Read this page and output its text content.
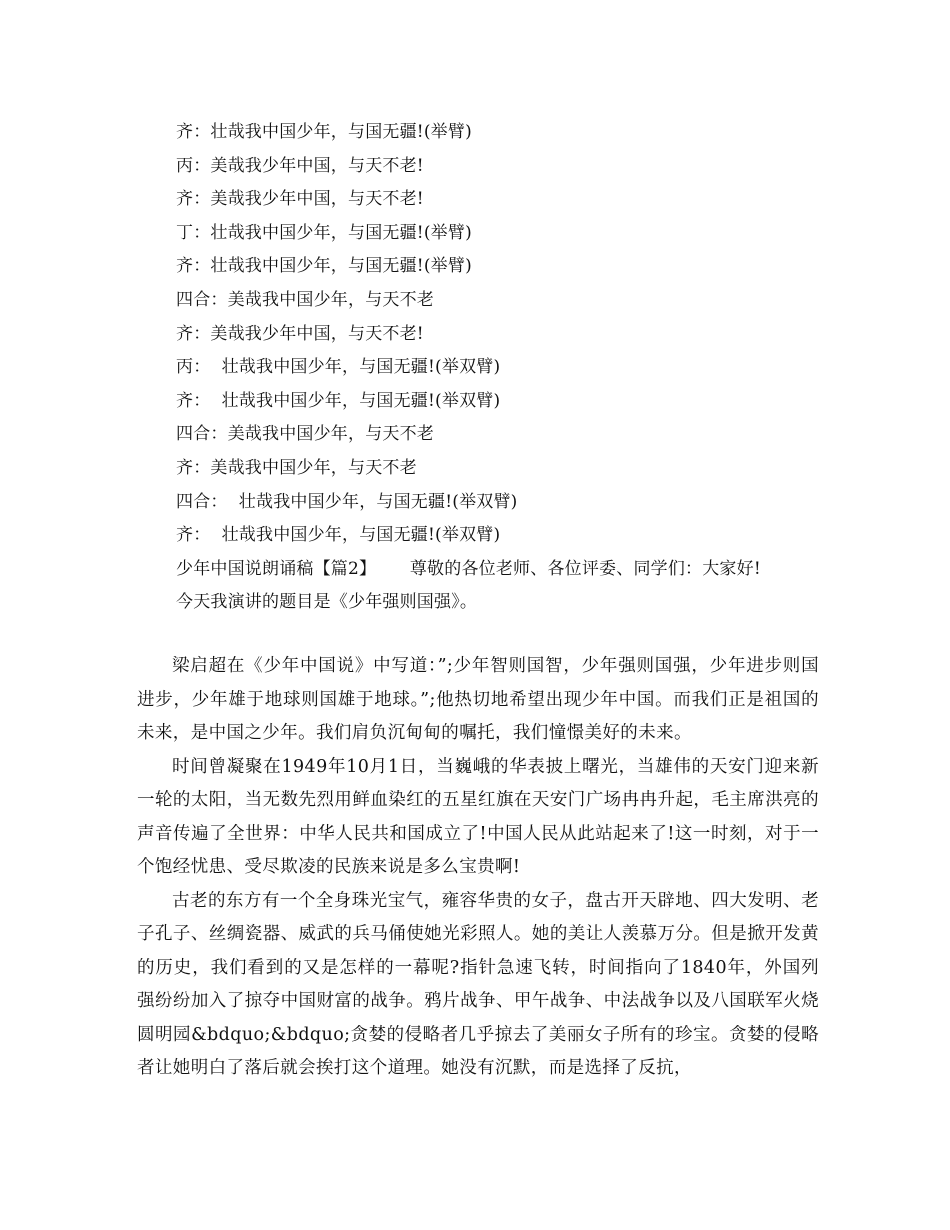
齐：壮哉我中国少年，与国无疆!(举臂)
丙：美哉我少年中国，与天不老!
齐：美哉我少年中国，与天不老!
丁：壮哉我中国少年，与国无疆!(举臂)
齐：壮哉我中国少年，与国无疆!(举臂)
四合：美哉我中国少年，与天不老
齐：美哉我少年中国，与天不老!
丙：  壮哉我中国少年，与国无疆!(举双臂)
齐：  壮哉我中国少年，与国无疆!(举双臂)
四合：美哉我中国少年，与天不老
齐：美哉我中国少年，与天不老
四合：  壮哉我中国少年，与国无疆!(举双臂)
齐：  壮哉我中国少年，与国无疆!(举双臂)
少年中国说朗诵稿【篇2】      尊敬的各位老师、各位评委、同学们：大家好!
今天我演讲的题目是《少年强则国强》。

梁启超在《少年中国说》中写道：”;少年智则国智，少年强则国强，少年进步则国进步，少年雄于地球则国雄于地球。”;他热切地希望出现少年中国。而我们正是祖国的未来，是中国之少年。我们肩负沉甸甸的嘱托，我们憧憬美好的未来。

时间曾凝聚在1949年10月1日，当巍峨的华表披上曙光，当雄伟的天安门迎来新一轮的太阳，当无数先烈用鲜血染红的五星红旗在天安门广场冉冉升起，毛主席洪亮的声音传遍了全世界：中华人民共和国成立了!中国人民从此站起来了!这一时刻，对于一个饱经忧患、受尽欺凌的民族来说是多么宝贵啊!

古老的东方有一个全身珠光宝气，雍容华贵的女子，盘古开天辟地、四大发明、老子孔子、丝绸瓷器、威武的兵马俑使她光彩照人。她的美让人羡慕万分。但是掀开发黄的历史，我们看到的又是怎样的一幕呢?指针急速飞转，时间指向了1840年，外国列强纷纷加入了掠夺中国财富的战争。鸦片战争、甲午战争、中法战争以及八国联军火烧圆明园&bdquo;&bdquo;贪婪的侵略者几乎掠去了美丽女子所有的珍宝。贪婪的侵略者让她明白了落后就会挨打这个道理。她没有沉默，而是选择了反抗，
